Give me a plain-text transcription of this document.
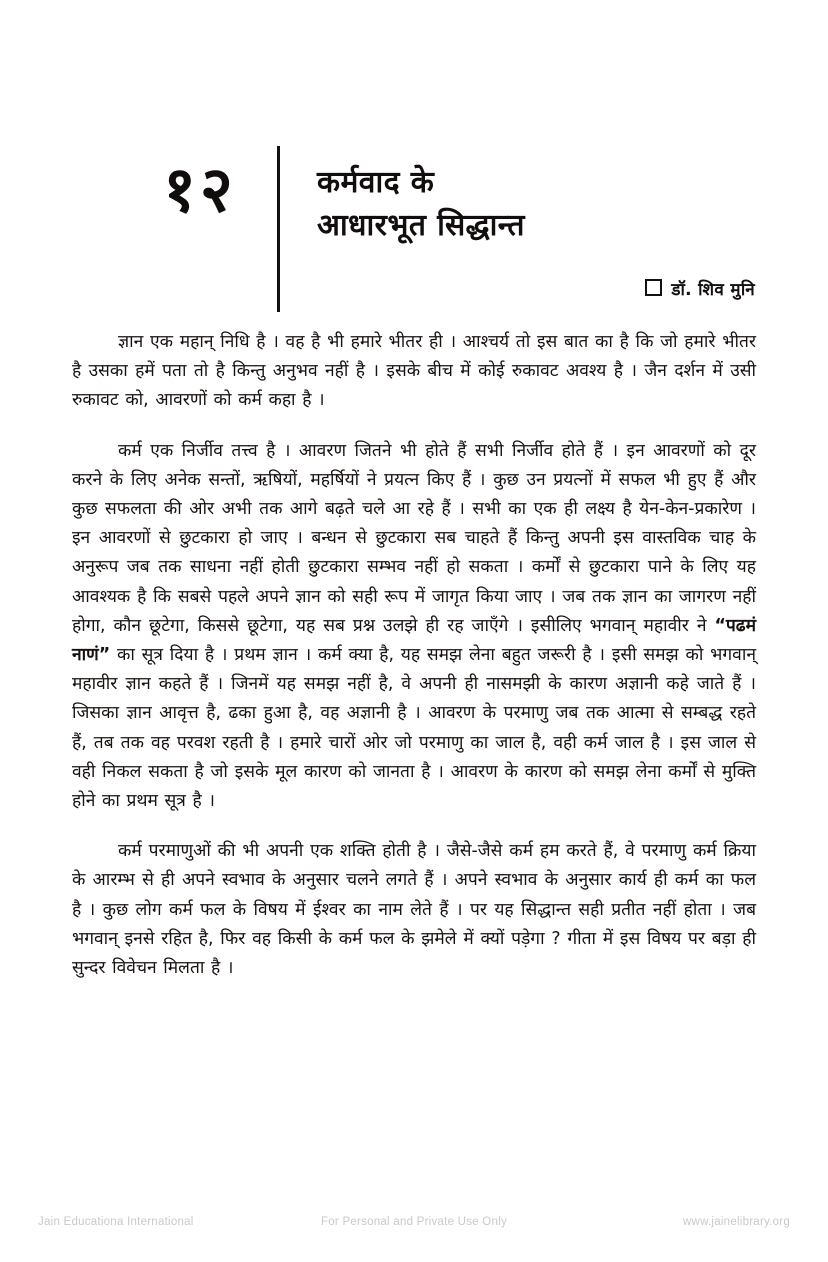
१२	कर्मवाद के
आधारभूत सिद्धान्त
डॉ. शिव मुनि

ज्ञान एक महान् निधि है । वह है भी हमारे भीतर ही । आश्चर्य तो इस बात का है कि जो हमारे भीतर है उसका हमें पता तो है किन्तु अनुभव नहीं है । इसके बीच में कोई रुकावट अवश्य है । जैन दर्शन में उसी रुकावट को, आवरणों को कर्म कहा है ।

कर्म एक निर्जीव तत्त्व है । आवरण जितने भी होते हैं सभी निर्जीव होते हैं । इन आवरणों को दूर करने के लिए अनेक सन्तों, ऋषियों, महर्षियों ने प्रयत्न किए हैं । कुछ उन प्रयत्नों में सफल भी हुए हैं और कुछ सफलता की ओर अभी तक आगे बढ़ते चले आ रहे हैं । सभी का एक ही लक्ष्य है येन-केन-प्रकारेण । इन आवरणों से छुटकारा हो जाए । बन्धन से छुटकारा सब चाहते हैं किन्तु अपनी इस वास्तविक चाह के अनुरूप जब तक साधना नहीं होती छुटकारा सम्भव नहीं हो सकता । कर्मों से छुटकारा पाने के लिए यह आवश्यक है कि सबसे पहले अपने ज्ञान को सही रूप में जागृत किया जाए । जब तक ज्ञान का जागरण नहीं होगा, कौन छूटेगा, किससे छूटेगा, यह सब प्रश्न उलझे ही रह जाएँगे । इसीलिए भगवान् महावीर ने “पढमं नाणं” का सूत्र दिया है । प्रथम ज्ञान । कर्म क्या है, यह समझ लेना बहुत जरूरी है । इसी समझ को भगवान् महावीर ज्ञान कहते हैं । जिनमें यह समझ नहीं है, वे अपनी ही नासमझी के कारण अज्ञानी कहे जाते हैं । जिसका ज्ञान आवृत्त है, ढका हुआ है, वह अज्ञानी है । आवरण के परमाणु जब तक आत्मा से सम्बद्ध रहते हैं, तब तक वह परवश रहती है । हमारे चारों ओर जो परमाणु का जाल है, वही कर्म जाल है । इस जाल से वही निकल सकता है जो इसके मूल कारण को जानता है । आवरण के कारण को समझ लेना कर्मों से मुक्ति होने का प्रथम सूत्र है ।

कर्म परमाणुओं की भी अपनी एक शक्ति होती है । जैसे-जैसे कर्म हम करते हैं, वे परमाणु कर्म क्रिया के आरम्भ से ही अपने स्वभाव के अनुसार चलने लगते हैं । अपने स्वभाव के अनुसार कार्य ही कर्म का फल है । कुछ लोग कर्म फल के विषय में ईश्वर का नाम लेते हैं । पर यह सिद्धान्त सही प्रतीत नहीं होता । जब भगवान् इनसे रहित है, फिर वह किसी के कर्म फल के झमेले में क्यों पड़ेगा ? गीता में इस विषय पर बड़ा ही सुन्दर विवेचन मिलता है ।

Jain Educationa International	For Personal and Private Use Only	www.jainelibrary.org
